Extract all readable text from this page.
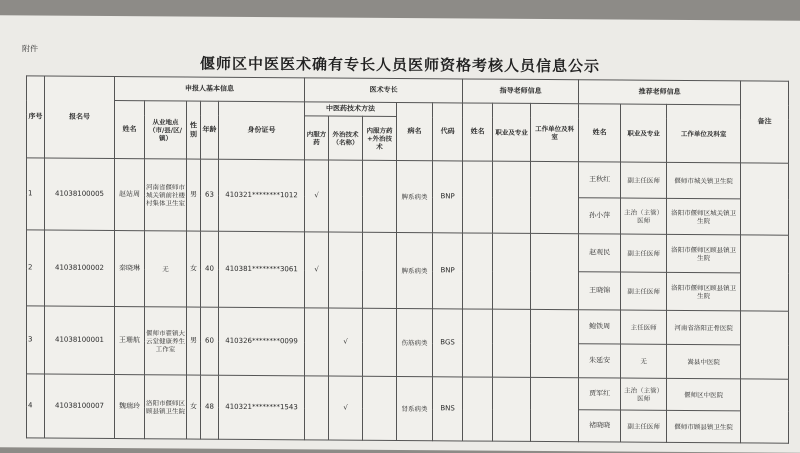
附件
偃师区中医医术确有专长人员医师资格考核人员信息公示
序号	报名号	申报人基本信息					医术专长					指导老师信息			推荐老师信息			备注
		姓名	从业地点（市/县/区/镇）	性别	年龄	身份证号	中医药技术方法			病名	代码	姓名	职业及专业	工作单位及科室	姓名	职业及专业	工作单位及科室	
							内服方药	外治技术（名称）	内服方药+外治技术									
1	41038100005	赵站周	河南省偃师市城关镇前社楼村集体卫生室	男	63	410321********1012	√			脾系病类	BNP				王秋红	副主任医师	偃师市城关镇卫生院	
															孙小萍	主治（主管）医师	洛阳市偃师区城关镇卫生院	
2	41038100002	秦晓琳	无	女	40	410381********3061	√			脾系病类	BNP				赵观民	副主任医师	洛阳市偃师区顾县镇卫生院	
															王晓锦	副主任医师	洛阳市偃师区顾县镇卫生院	
3	41038100001	王珊航	偃师市翟镇大云堂健康养生工作室	男	60	410326********0099		√		伤筋病类	BGS				鲍铁周	主任医师	河南省洛阳正骨医院	
															朱延安	无	嵩县中医院	
4	41038100007	魏瑞玲	洛阳市偃师区顾县镇卫生院	女	48	410321********1543		√		肾系病类	BNS				贾军红	主治（主管）医师	偃师区中医院	
															褚晓晓	副主任医师	偃师市顾县镇卫生院	
